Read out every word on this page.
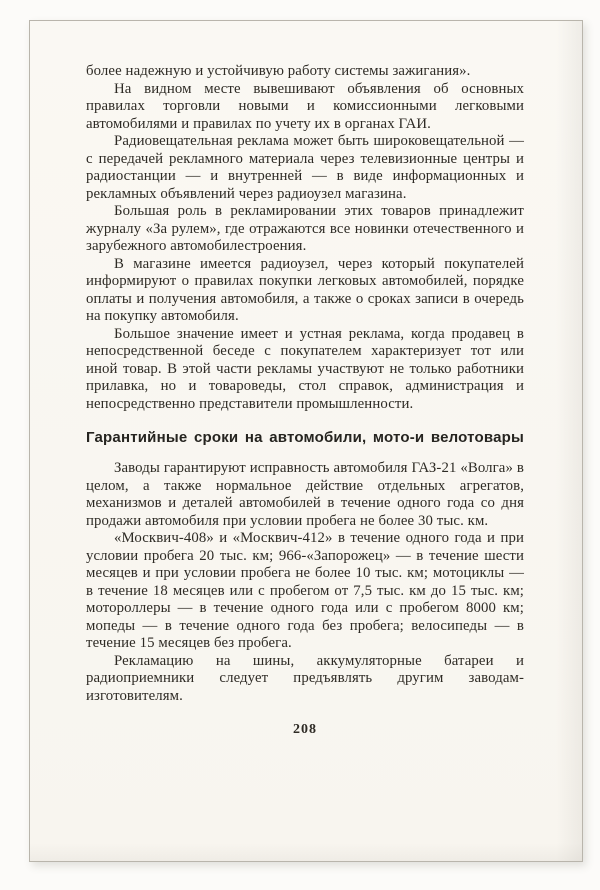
более надежную и устойчивую работу системы зажигания».

На видном месте вывешивают объявления об основных правилах торговли новыми и комиссионными легковыми автомобилями и правилах по учету их в органах ГАИ.

Радиовещательная реклама может быть широковещательной — с передачей рекламного материала через телевизионные центры и радиостанции — и внутренней — в виде информационных и рекламных объявлений через радиоузел магазина.

Большая роль в рекламировании этих товаров принадлежит журналу «За рулем», где отражаются все новинки отечественного и зарубежного автомобилестроения.

В магазине имеется радиоузел, через который покупателей информируют о правилах покупки легковых автомобилей, порядке оплаты и получения автомобиля, а также о сроках записи в очередь на покупку автомобиля.

Большое значение имеет и устная реклама, когда продавец в непосредственной беседе с покупателем характеризует тот или иной товар. В этой части рекламы участвуют не только работники прилавка, но и товароведы, стол справок, администрация и непосредственно представители промышленности.

Гарантийные сроки на автомобили, мото-и велотовары

Заводы гарантируют исправность автомобиля ГАЗ-21 «Волга» в целом, а также нормальное действие отдельных агрегатов, механизмов и деталей автомобилей в течение одного года со дня продажи автомобиля при условии пробега не более 30 тыс. км.

«Москвич-408» и «Москвич-412» в течение одного года и при условии пробега 20 тыс. км; 966-«Запорожец» — в течение шести месяцев и при условии пробега не более 10 тыс. км; мотоциклы — в течение 18 месяцев или с пробегом от 7,5 тыс. км до 15 тыс. км; мотороллеры — в течение одного года или с пробегом 8000 км; мопеды — в течение одного года без пробега; велосипеды — в течение 15 месяцев без пробега.

Рекламацию на шины, аккумуляторные батареи и радиоприемники следует предъявлять другим заводам-изготовителям.

208
